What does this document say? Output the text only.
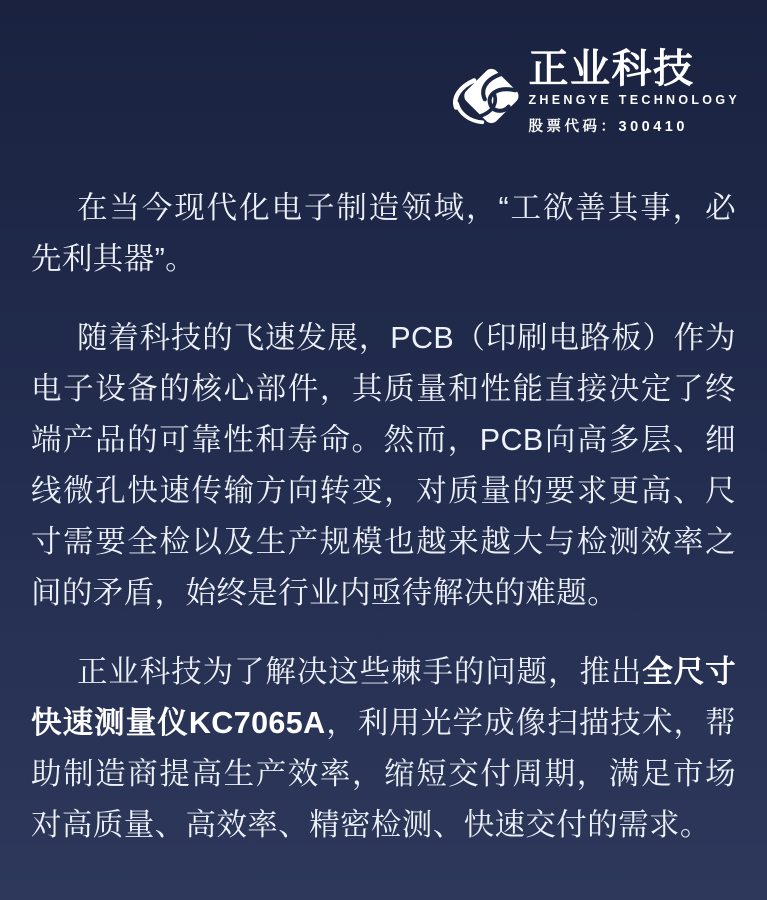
正业科技
ZHENGYE TECHNOLOGY
股票代码：300410

在当今现代化电子制造领域，“工欲善其事，必先利其器”。

随着科技的飞速发展，PCB（印刷电路板）作为电子设备的核心部件，其质量和性能直接决定了终端产品的可靠性和寿命。然而，PCB向高多层、细线微孔快速传输方向转变，对质量的要求更高、尺寸需要全检以及生产规模也越来越大与检测效率之间的矛盾，始终是行业内亟待解决的难题。

正业科技为了解决这些棘手的问题，推出全尺寸快速测量仪KC7065A，利用光学成像扫描技术，帮助制造商提高生产效率，缩短交付周期，满足市场对高质量、高效率、精密检测、快速交付的需求。
